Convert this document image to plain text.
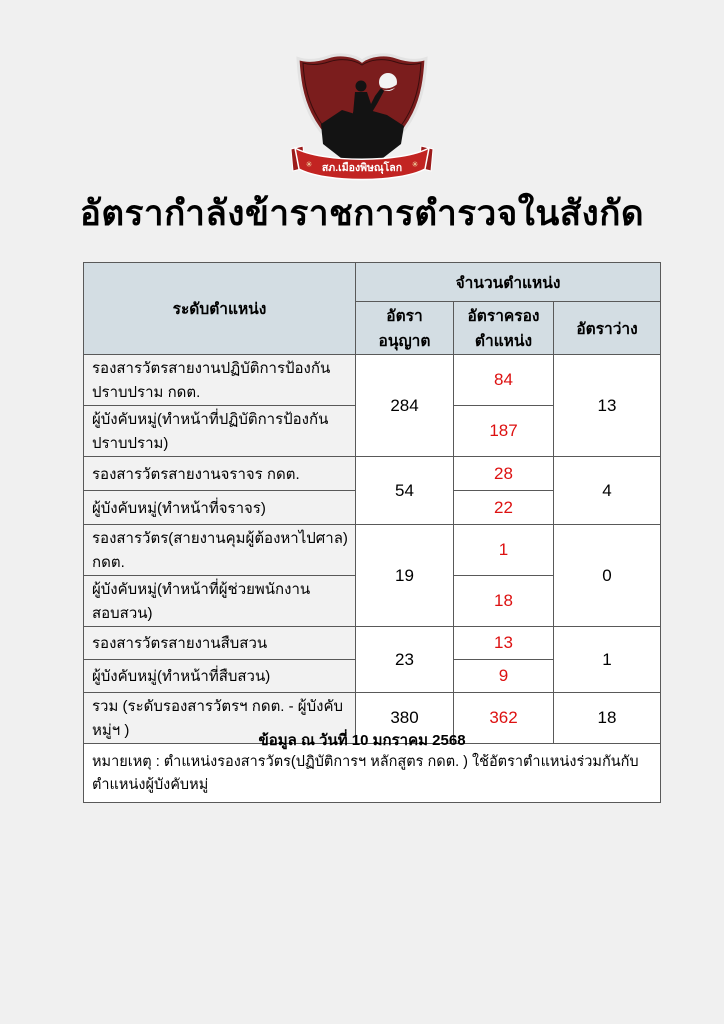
✳ สภ.เมืองพิษณุโลก ✳
อัตรากำลังข้าราชการตำรวจในสังกัด
ระดับตำแหน่ง	จำนวนตำแหน่ง		
	อัตราอนุญาต	อัตราครอง
ตำแหน่ง	อัตราว่าง
รองสารวัตรสายงานปฏิบัติการป้องกันปราบปราม กดต.	284	84	13
ผู้บังคับหมู่(ทำหน้าที่ปฏิบัติการป้องกันปราบปราม)		187	
รองสารวัตรสายงานจราจร กดต.	54	28	4
ผู้บังคับหมู่(ทำหน้าที่จราจร)		22	
รองสารวัตร(สายงานคุมผู้ต้องหาไปศาล) กดต.	19	1	0
ผู้บังคับหมู่(ทำหน้าที่ผู้ช่วยพนักงานสอบสวน)		18	
รองสารวัตรสายงานสืบสวน	23	13	1
ผู้บังคับหมู่(ทำหน้าที่สืบสวน)		9	
รวม (ระดับรองสารวัตรฯ กดต. - ผู้บังคับหมู่ฯ )	380	362	18
หมายเหตุ : ตำแหน่งรองสารวัตร(ปฏิบัติการฯ หลักสูตร กดต. ) ใช้อัตราตำแหน่งร่วมกันกับ ตำแหน่งผู้บังคับหมู่			
ข้อมูล ณ วันที่ 10 มกราคม 2568
